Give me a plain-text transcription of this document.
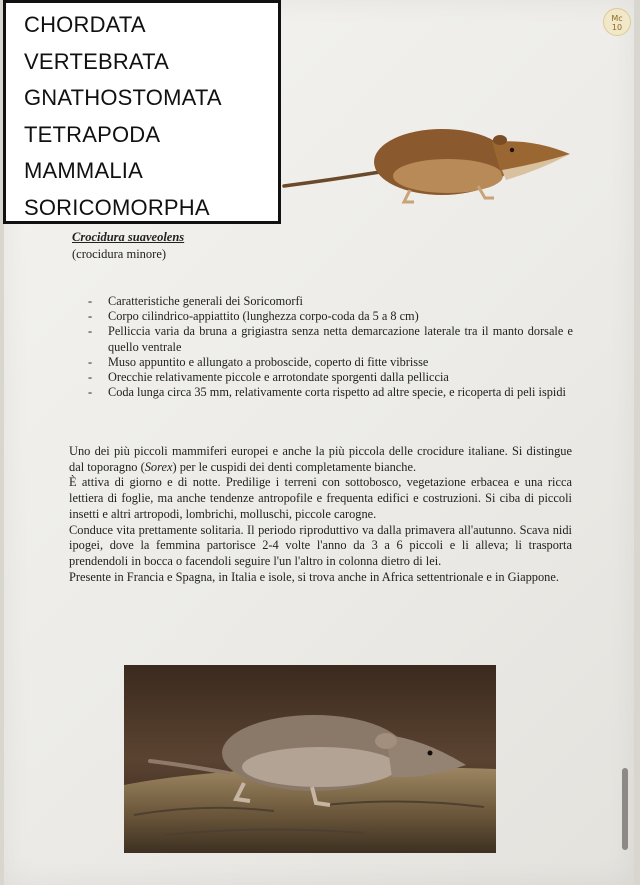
CHORDATA
VERTEBRATA
GNATHOSTOMATA
TETRAPODA
MAMMALIA
SORICOMORPHA
Mc
10
Crocidura suaveolens
(crocidura minore)
- Caratteristiche generali dei Soricomorfi
- Corpo cilindrico-appiattito (lunghezza corpo-coda da 5 a 8 cm)
- Pelliccia varia da bruna a grigiastra senza netta demarcazione laterale tra il manto dorsale e quello ventrale
- Muso appuntito e allungato a proboscide, coperto di fitte vibrisse
- Orecchie relativamente piccole e arrotondate sporgenti dalla pelliccia
- Coda lunga circa 35 mm, relativamente corta rispetto ad altre specie, e ricoperta di peli ispidi

Uno dei più piccoli mammiferi europei e anche la più piccola delle crocidure italiane. Si distingue dal toporagno (Sorex) per le cuspidi dei denti completamente bianche.

È attiva di giorno e di notte. Predilige i terreni con sottobosco, vegetazione erbacea e una ricca lettiera di foglie, ma anche tendenze antropofile e frequenta edifici e costruzioni. Si ciba di piccoli insetti e altri artropodi, lombrichi, molluschi, piccole carogne.

Conduce vita prettamente solitaria. Il periodo riproduttivo va dalla primavera all'autunno. Scava nidi ipogei, dove la femmina partorisce 2-4 volte l'anno da 3 a 6 piccoli e li alleva; li trasporta prendendoli in bocca o facendoli seguire l'un l'altro in colonna dietro di lei.

Presente in Francia e Spagna, in Italia e isole, si trova anche in Africa settentrionale e in Giappone.
